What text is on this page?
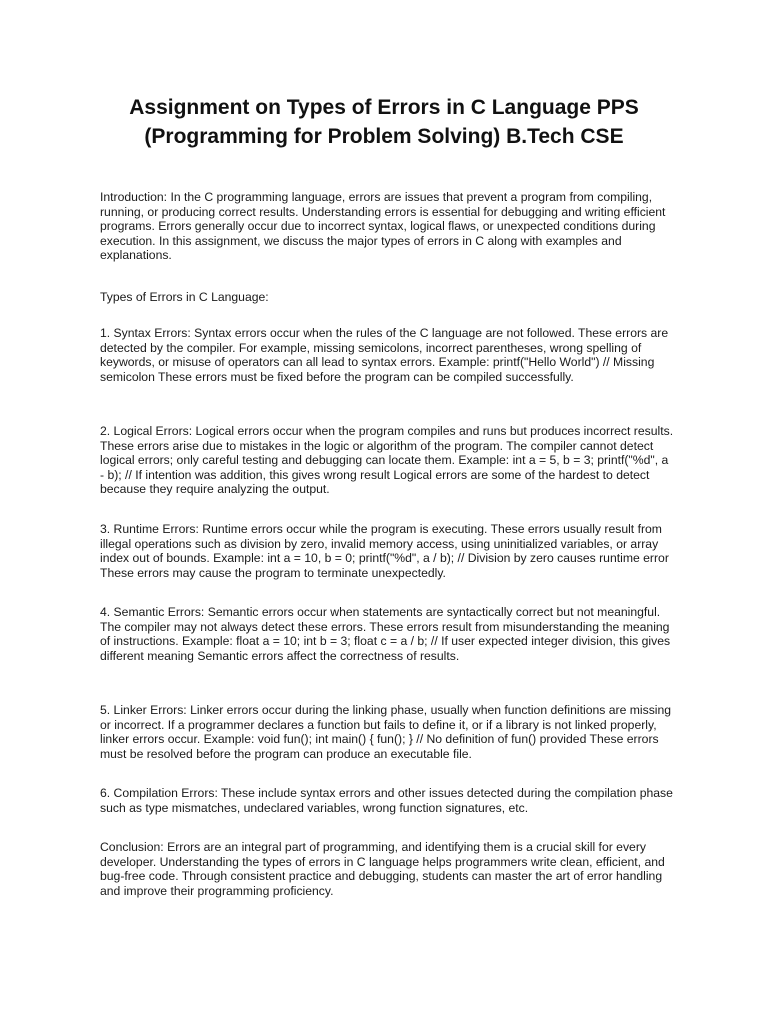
Assignment on Types of Errors in C Language PPS (Programming for Problem Solving) B.Tech CSE

Introduction: In the C programming language, errors are issues that prevent a program from compiling, running, or producing correct results. Understanding errors is essential for debugging and writing efficient programs. Errors generally occur due to incorrect syntax, logical flaws, or unexpected conditions during execution. In this assignment, we discuss the major types of errors in C along with examples and explanations.

Types of Errors in C Language:

1. Syntax Errors: Syntax errors occur when the rules of the C language are not followed. These errors are detected by the compiler. For example, missing semicolons, incorrect parentheses, wrong spelling of keywords, or misuse of operators can all lead to syntax errors. Example: printf("Hello World") // Missing semicolon These errors must be fixed before the program can be compiled successfully.

2. Logical Errors: Logical errors occur when the program compiles and runs but produces incorrect results. These errors arise due to mistakes in the logic or algorithm of the program. The compiler cannot detect logical errors; only careful testing and debugging can locate them. Example: int a = 5, b = 3; printf("%d", a - b); // If intention was addition, this gives wrong result Logical errors are some of the hardest to detect because they require analyzing the output.

3. Runtime Errors: Runtime errors occur while the program is executing. These errors usually result from illegal operations such as division by zero, invalid memory access, using uninitialized variables, or array index out of bounds. Example: int a = 10, b = 0; printf("%d", a / b); // Division by zero causes runtime error These errors may cause the program to terminate unexpectedly.

4. Semantic Errors: Semantic errors occur when statements are syntactically correct but not meaningful. The compiler may not always detect these errors. These errors result from misunderstanding the meaning of instructions. Example: float a = 10; int b = 3; float c = a / b; // If user expected integer division, this gives different meaning Semantic errors affect the correctness of results.

5. Linker Errors: Linker errors occur during the linking phase, usually when function definitions are missing or incorrect. If a programmer declares a function but fails to define it, or if a library is not linked properly, linker errors occur. Example: void fun(); int main() { fun(); } // No definition of fun() provided These errors must be resolved before the program can produce an executable file.

6. Compilation Errors: These include syntax errors and other issues detected during the compilation phase such as type mismatches, undeclared variables, wrong function signatures, etc.

Conclusion: Errors are an integral part of programming, and identifying them is a crucial skill for every developer. Understanding the types of errors in C language helps programmers write clean, efficient, and bug-free code. Through consistent practice and debugging, students can master the art of error handling and improve their programming proficiency.
